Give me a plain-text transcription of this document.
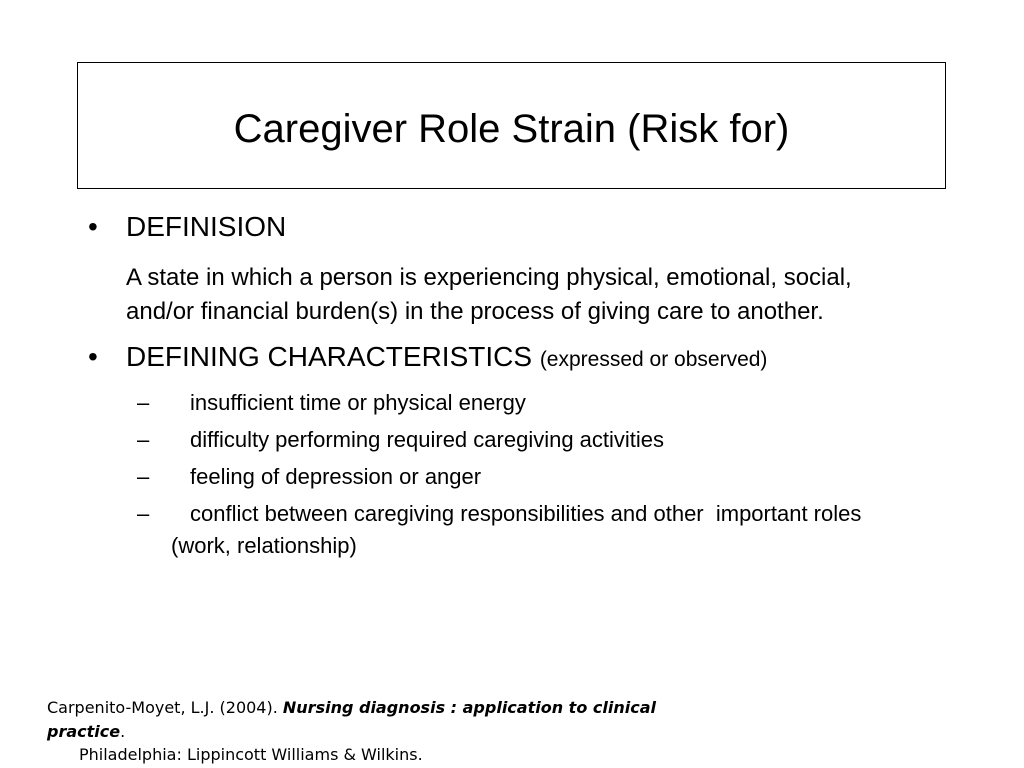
Caregiver Role Strain (Risk for)
• DEFINISION
A state in which a person is experiencing physical, emotional, social,
and/or financial burden(s) in the process of giving care to another.
• DEFINING CHARACTERISTICS (expressed or observed)
– insufficient time or physical energy
– difficulty performing required caregiving activities
– feeling of depression or anger
– conflict between caregiving responsibilities and other  important roles
(work, relationship)
Carpenito-Moyet, L.J. (2004). Nursing diagnosis : application to clinical
practice.
Philadelphia: Lippincott Williams & Wilkins.
